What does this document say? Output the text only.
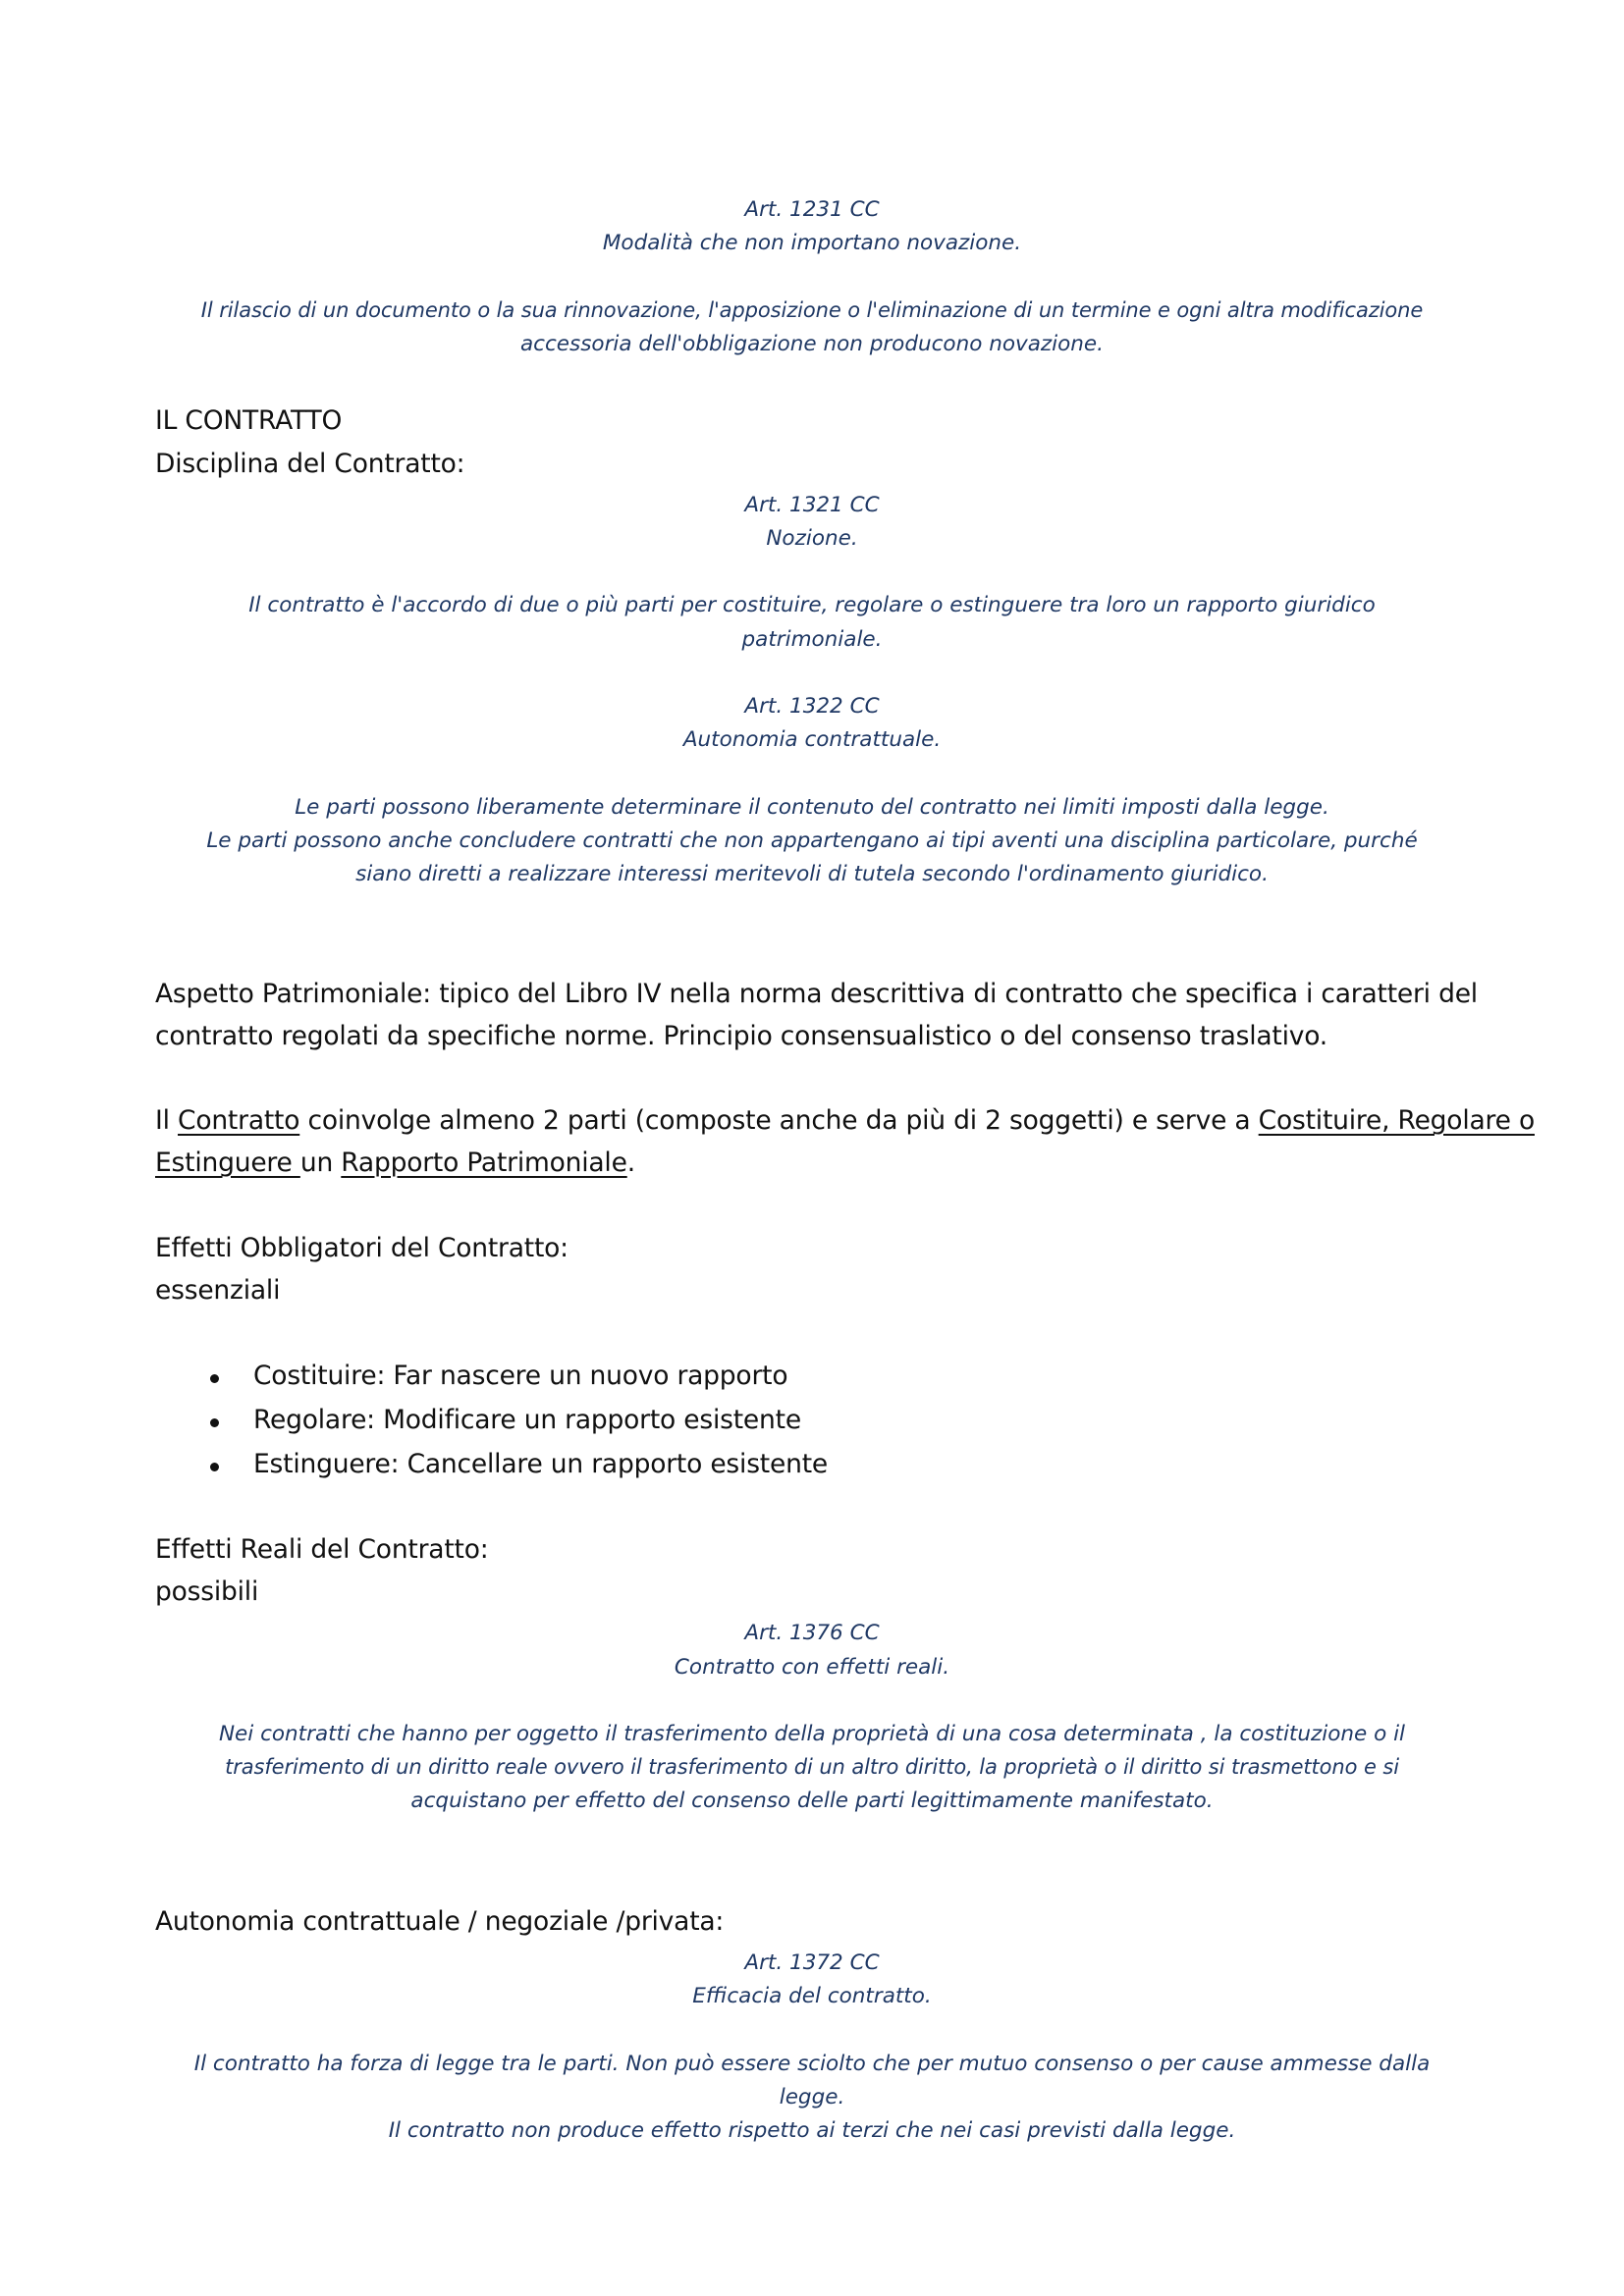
Art. 1231 CC
Modalità che non importano novazione.
Il rilascio di un documento o la sua rinnovazione, l'apposizione o l'eliminazione di un termine e ogni altra modificazione
accessoria dell'obbligazione non producono novazione.
IL CONTRATTO
Disciplina del Contratto:
Art. 1321 CC
Nozione.
Il contratto è l'accordo di due o più parti per costituire, regolare o estinguere tra loro un rapporto giuridico
patrimoniale.
Art. 1322 CC
Autonomia contrattuale.
Le parti possono liberamente determinare il contenuto del contratto nei limiti imposti dalla legge.
Le parti possono anche concludere contratti che non appartengano ai tipi aventi una disciplina particolare, purché
siano diretti a realizzare interessi meritevoli di tutela secondo l'ordinamento giuridico.
Aspetto Patrimoniale: tipico del Libro IV nella norma descrittiva di contratto che specifica i caratteri del
contratto regolati da specifiche norme. Principio consensualistico o del consenso traslativo.
Il Contratto coinvolge almeno 2 parti (composte anche da più di 2 soggetti) e serve a Costituire, Regolare o
Estinguere un Rapporto Patrimoniale.
Effetti Obbligatori del Contratto:
essenziali
Costituire: Far nascere un nuovo rapporto
Regolare: Modificare un rapporto esistente
Estinguere: Cancellare un rapporto esistente
Effetti Reali del Contratto:
possibili
Art. 1376 CC
Contratto con effetti reali.
Nei contratti che hanno per oggetto il trasferimento della proprietà di una cosa determinata , la costituzione o il
trasferimento di un diritto reale ovvero il trasferimento di un altro diritto, la proprietà o il diritto si trasmettono e si
acquistano per effetto del consenso delle parti legittimamente manifestato.
Autonomia contrattuale / negoziale /privata:
Art. 1372 CC
Efficacia del contratto.
Il contratto ha forza di legge tra le parti. Non può essere sciolto che per mutuo consenso o per cause ammesse dalla
legge.
Il contratto non produce effetto rispetto ai terzi che nei casi previsti dalla legge.
